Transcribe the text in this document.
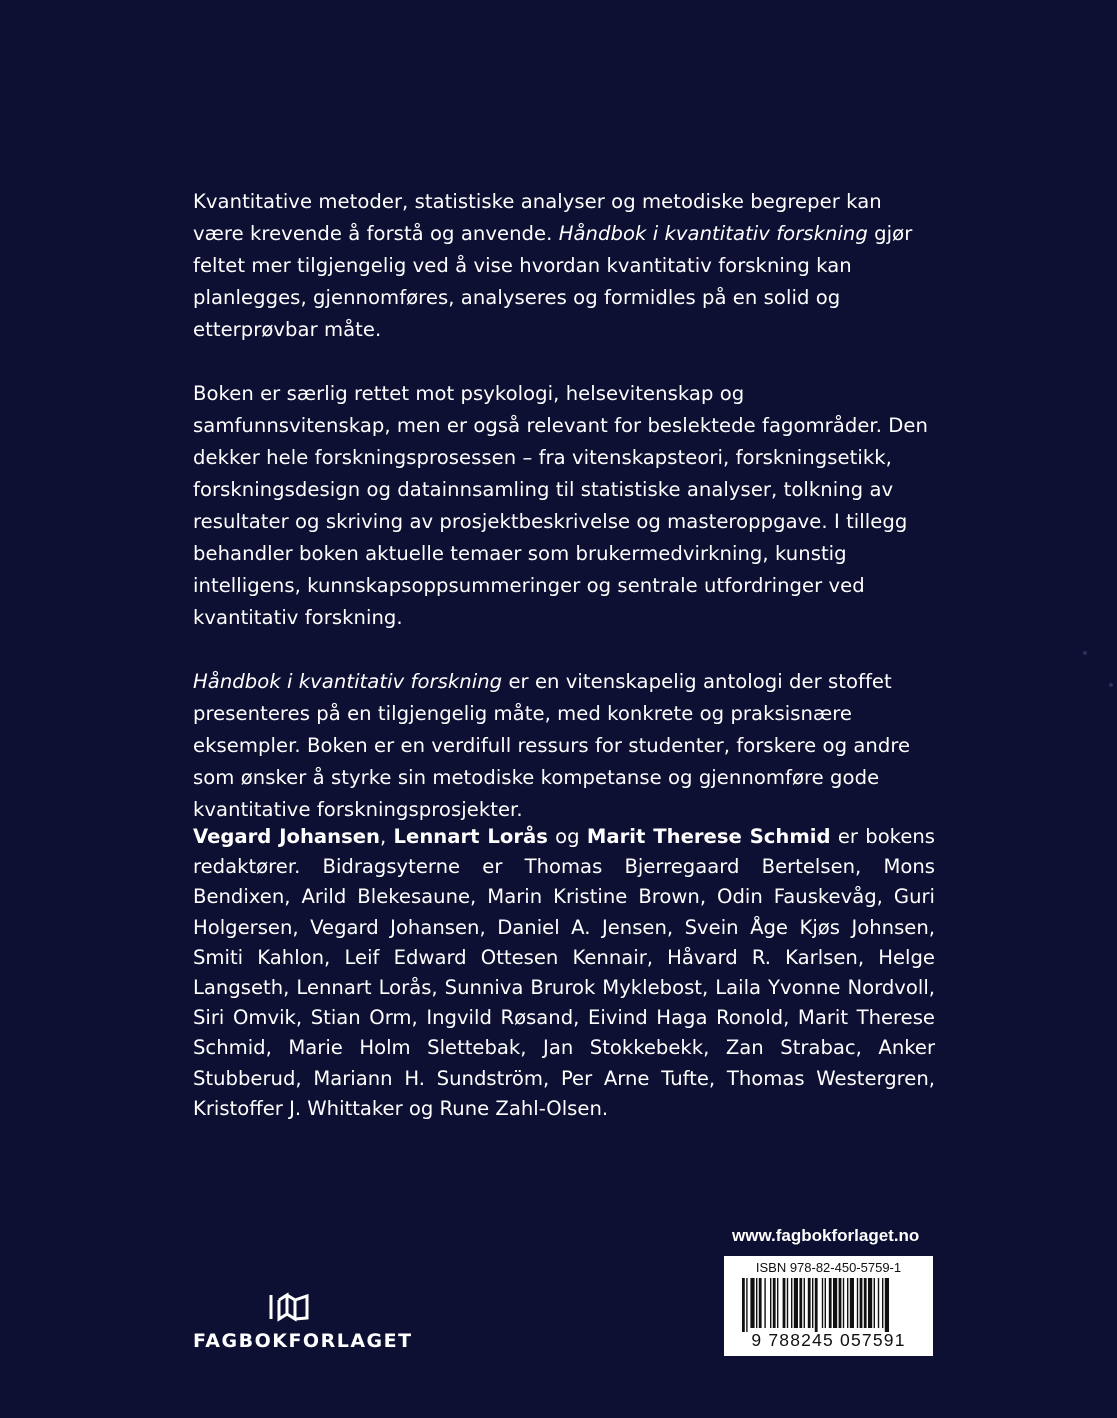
Kvantitative metoder, statistiske analyser og metodiske begreper kan være krevende å forstå og anvende. Håndbok i kvantitativ forskning gjør feltet mer tilgjengelig ved å vise hvordan kvantitativ forskning kan planlegges, gjennomføres, analyseres og formidles på en solid og etterprøvbar måte.

Boken er særlig rettet mot psykologi, helsevitenskap og samfunnsvitenskap, men er også relevant for beslektede fagområder. Den dekker hele forskningsprosessen – fra vitenskapsteori, forskningsetikk, forskningsdesign og datainnsamling til statistiske analyser, tolkning av resultater og skriving av prosjektbeskrivelse og masteroppgave. I tillegg behandler boken aktuelle temaer som brukermedvirkning, kunstig intelligens, kunnskapsoppsummeringer og sentrale utfordringer ved kvantitativ forskning.

Håndbok i kvantitativ forskning er en vitenskapelig antologi der stoffet presenteres på en tilgjengelig måte, med konkrete og praksisnære eksempler. Boken er en verdifull ressurs for studenter, forskere og andre som ønsker å styrke sin metodiske kompetanse og gjennomføre gode kvantitative forskningsprosjekter.

Vegard Johansen, Lennart Lorås og Marit Therese Schmid er bokens redaktører. Bidragsyterne er Thomas Bjerregaard Bertelsen, Mons Bendixen, Arild Blekesaune, Marin Kristine Brown, Odin Fauskevåg, Guri Holgersen, Vegard Johansen, Daniel A. Jensen, Svein Åge Kjøs Johnsen, Smiti Kahlon, Leif Edward Ottesen Kennair, Håvard R. Karlsen, Helge Langseth, Lennart Lorås, Sunniva Brurok Myklebost, Laila Yvonne Nordvoll, Siri Omvik, Stian Orm, Ingvild Røsand, Eivind Haga Ronold, Marit Therese Schmid, Marie Holm Slettebak, Jan Stokkebekk, Zan Strabac, Anker Stubberud, Mariann H. Sundström, Per Arne Tufte, Thomas Westergren, Kristoffer J. Whittaker og Rune Zahl-Olsen.
FAGBOKFORLAGET
www.fagbokforlaget.no
ISBN 978-82-450-5759-1
9 788245 057591
